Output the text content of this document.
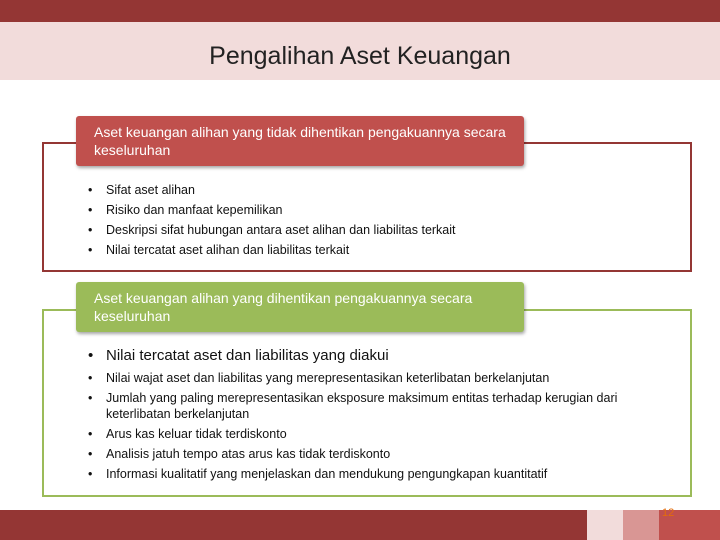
Pengalihan Aset Keuangan
Aset keuangan alihan yang tidak dihentikan pengakuannya secara keseluruhan
• Sifat aset alihan
• Risiko dan manfaat kepemilikan
• Deskripsi sifat hubungan antara aset alihan dan liabilitas terkait
• Nilai tercatat aset alihan dan liabilitas terkait
Aset keuangan alihan yang dihentikan pengakuannya secara keseluruhan
• Nilai tercatat aset dan liabilitas yang diakui
• Nilai wajat aset dan liabilitas yang merepresentasikan keterlibatan berkelanjutan
• Jumlah yang paling merepresentasikan eksposure maksimum entitas terhadap kerugian dari keterlibatan berkelanjutan
• Arus kas keluar tidak terdiskonto
• Analisis jatuh tempo atas arus kas tidak terdiskonto
• Informasi kualitatif yang menjelaskan dan mendukung pengungkapan kuantitatif
12
